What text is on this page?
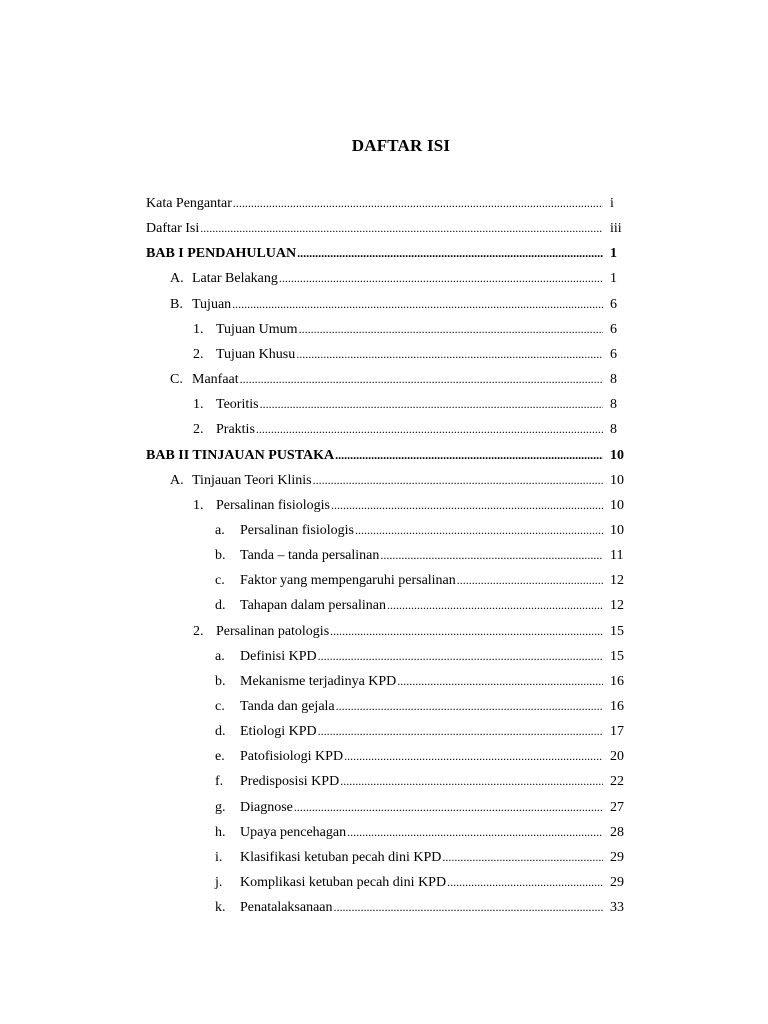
DAFTAR ISI
Kata Pengantar .....	i
Daftar Isi .....	iii
BAB I PENDAHULUAN .....	1
A. Latar Belakang .....	1
B. Tujuan .....	6
1. Tujuan Umum .....	6
2. Tujuan Khusu .....	6
C. Manfaat .....	8
1. Teoritis .....	8
2. Praktis .....	8
BAB II TINJAUAN PUSTAKA .....	10
A. Tinjauan Teori Klinis .....	10
1. Persalinan fisiologis .....	10
a.	Persalinan fisiologis .....	10
b.	Tanda – tanda persalinan .....	11
c.	Faktor yang mempengaruhi persalinan .....	12
d.	Tahapan dalam persalinan .....	12
2. Persalinan patologis .....	15
a.	Definisi KPD .....	15
b.	Mekanisme terjadinya KPD .....	16
c.	Tanda dan gejala .....	16
d.	Etiologi KPD .....	17
e.	Patofisiologi KPD .....	20
f.	Predisposisi KPD .....	22
g.	Diagnose .....	27
h.	Upaya pencehagan .....	28
i.	Klasifikasi ketuban pecah dini KPD .....	29
j.	Komplikasi ketuban pecah dini KPD .....	29
k.	Penatalaksanaan .....	33
